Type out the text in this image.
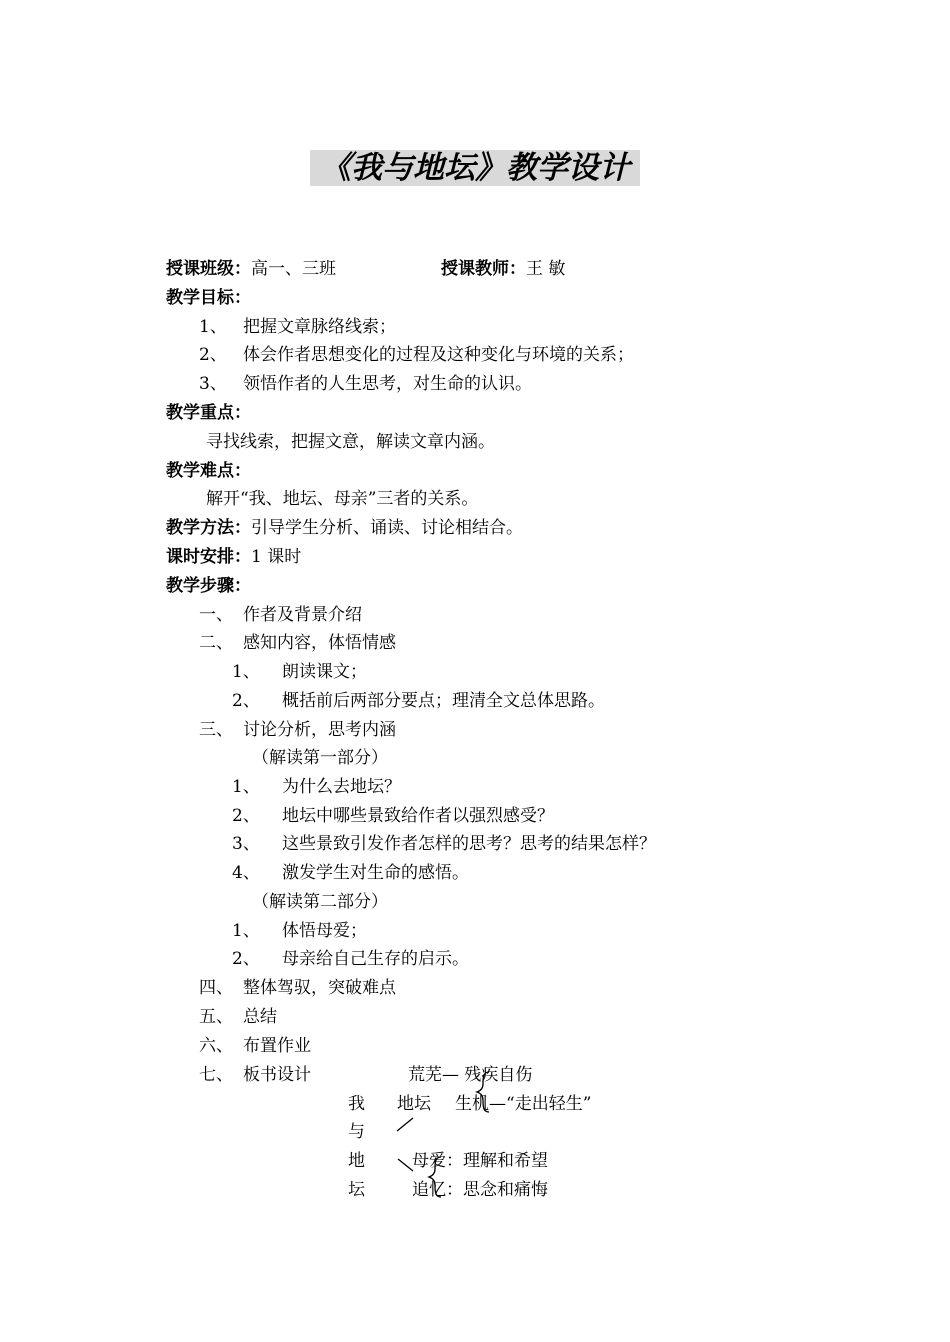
《我与地坛》教学设计
授课班级：高一、三班	授课教师：王 敏
教学目标：
1、 把握文章脉络线索；
2、 体会作者思想变化的过程及这种变化与环境的关系；
3、 领悟作者的人生思考，对生命的认识。
教学重点：
寻找线索，把握文意，解读文章内涵。
教学难点：
解开“我、地坛、母亲”三者的关系。
教学方法：引导学生分析、诵读、讨论相结合。
课时安排：1 课时
教学步骤：
一、 作者及背景介绍
二、 感知内容，体悟情感
1、 朗读课文；
2、 概括前后两部分要点；理清全文总体思路。
三、 讨论分析，思考内涵
（解读第一部分）
1、 为什么去地坛？
2、 地坛中哪些景致给作者以强烈感受？
3、 这些景致引发作者怎样的思考？思考的结果怎样？
4、 激发学生对生命的感悟。
（解读第二部分）
1、 体悟母爱；
2、 母亲给自己生存的启示。
四、 整体驾驭，突破难点
五、 总结
六、 布置作业
七、 板书设计	荒芜— 残疾自伤
我 地坛 生机—“走出轻生”
与
地	母爱：理解和希望
坛	追忆：思念和痛悔
